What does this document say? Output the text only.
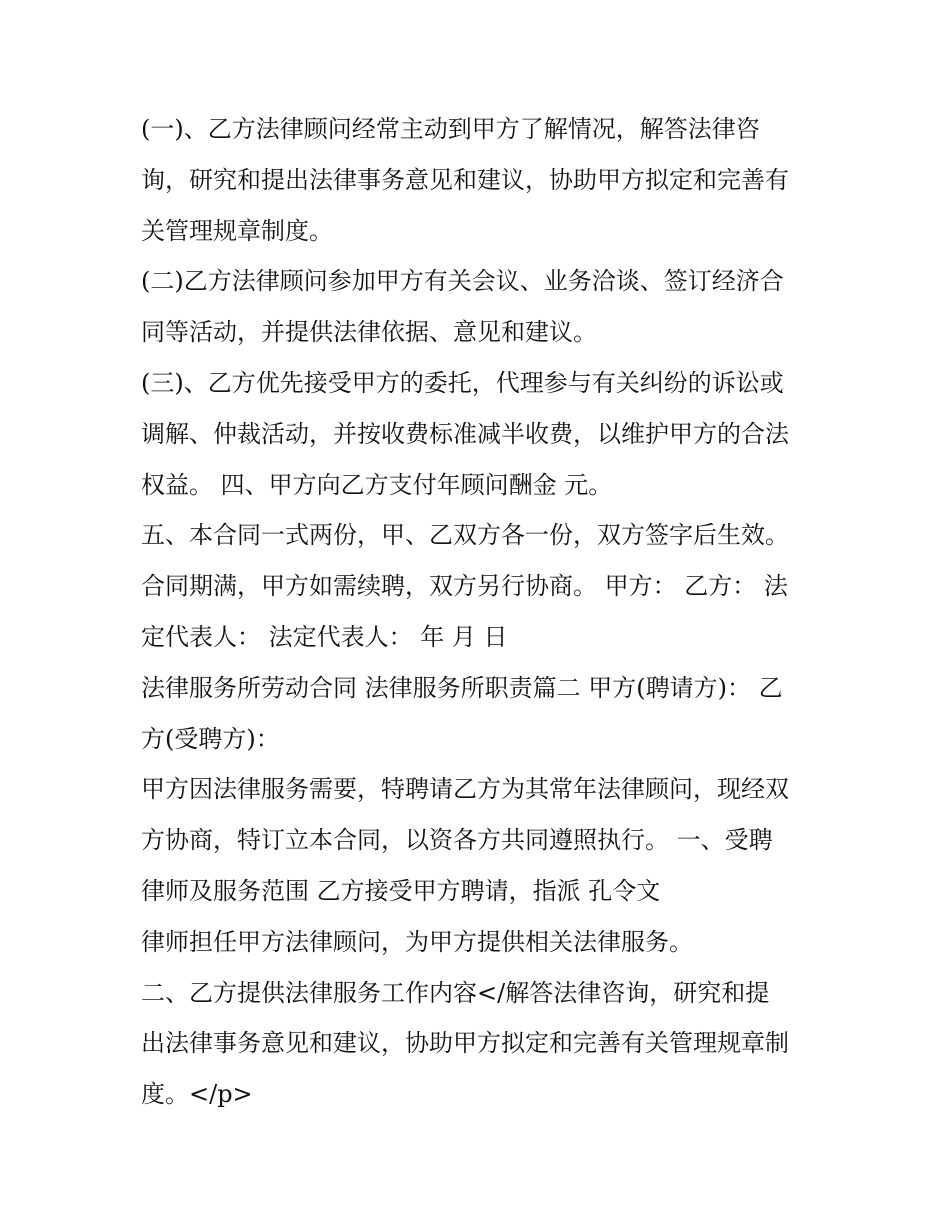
(一)、乙方法律顾问经常主动到甲方了解情况，解答法律咨
询，研究和提出法律事务意见和建议，协助甲方拟定和完善有
关管理规章制度。
(二)乙方法律顾问参加甲方有关会议、业务洽谈、签订经济合
同等活动，并提供法律依据、意见和建议。
(三)、乙方优先接受甲方的委托，代理参与有关纠纷的诉讼或
调解、仲裁活动，并按收费标准减半收费，以维护甲方的合法
权益。 四、甲方向乙方支付年顾问酬金 元。
五、本合同一式两份，甲、乙双方各一份，双方签字后生效。
合同期满，甲方如需续聘，双方另行协商。 甲方： 乙方： 法
定代表人： 法定代表人： 年 月 日
法律服务所劳动合同 法律服务所职责篇二 甲方(聘请方)： 乙
方(受聘方)：
甲方因法律服务需要，特聘请乙方为其常年法律顾问，现经双
方协商，特订立本合同，以资各方共同遵照执行。 一、受聘
律师及服务范围 乙方接受甲方聘请，指派 孔令文
律师担任甲方法律顾问，为甲方提供相关法律服务。
二、乙方提供法律服务工作内容</解答法律咨询，研究和提
出法律事务意见和建议，协助甲方拟定和完善有关管理规章制
度。</p>
